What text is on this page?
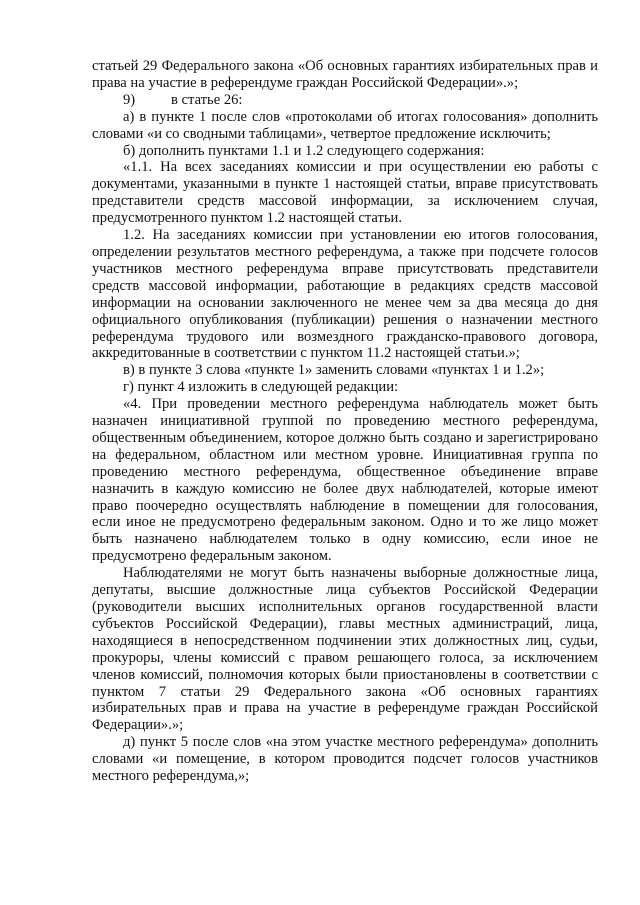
статьей 29 Федерального закона «Об основных гарантиях избирательных прав и права на участие в референдуме граждан Российской Федерации».»;

9) в статье 26:

а) в пункте 1 после слов «протоколами об итогах голосования» дополнить словами «и со сводными таблицами», четвертое предложение исключить;

б) дополнить пунктами 1.1 и 1.2 следующего содержания:

«1.1. На всех заседаниях комиссии и при осуществлении ею работы с документами, указанными в пункте 1 настоящей статьи, вправе присутствовать представители средств массовой информации, за исключением случая, предусмотренного пунктом 1.2 настоящей статьи.

1.2. На заседаниях комиссии при установлении ею итогов голосования, определении результатов местного референдума, а также при подсчете голосов участников местного референдума вправе присутствовать представители средств массовой информации, работающие в редакциях средств массовой информации на основании заключенного не менее чем за два месяца до дня официального опубликования (публикации) решения о назначении местного референдума трудового или возмездного гражданско-правового договора, аккредитованные в соответствии с пунктом 11.2 настоящей статьи.»;

в) в пункте 3 слова «пункте 1» заменить словами «пунктах 1 и 1.2»;

г) пункт 4 изложить в следующей редакции:

«4. При проведении местного референдума наблюдатель может быть назначен инициативной группой по проведению местного референдума, общественным объединением, которое должно быть создано и зарегистрировано на федеральном, областном или местном уровне. Инициативная группа по проведению местного референдума, общественное объединение вправе назначить в каждую комиссию не более двух наблюдателей, которые имеют право поочередно осуществлять наблюдение в помещении для голосования, если иное не предусмотрено федеральным законом. Одно и то же лицо может быть назначено наблюдателем только в одну комиссию, если иное не предусмотрено федеральным законом.

Наблюдателями не могут быть назначены выборные должностные лица, депутаты, высшие должностные лица субъектов Российской Федерации (руководители высших исполнительных органов государственной власти субъектов Российской Федерации), главы местных администраций, лица, находящиеся в непосредственном подчинении этих должностных лиц, судьи, прокуроры, члены комиссий с правом решающего голоса, за исключением членов комиссий, полномочия которых были приостановлены в соответствии с пунктом 7 статьи 29 Федерального закона «Об основных гарантиях избирательных прав и права на участие в референдуме граждан Российской Федерации».»;

д) пункт 5 после слов «на этом участке местного референдума» дополнить словами «и помещение, в котором проводится подсчет голосов участников местного референдума,»;
